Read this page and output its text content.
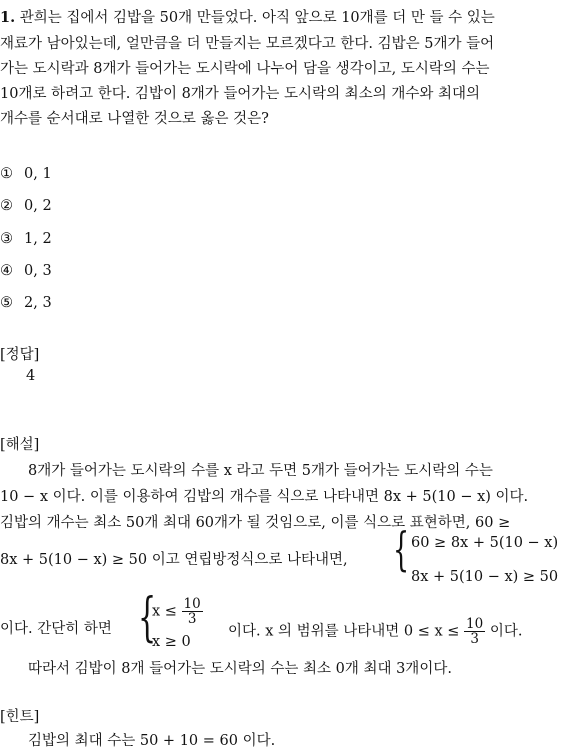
1. 관희는 집에서 김밥을 50개 만들었다. 아직 앞으로 10개를 더 만 들 수 있는
재료가 남아있는데, 얼만큼을 더 만들지는 모르겠다고 한다. 김밥은 5개가 들어
가는 도시락과 8개가 들어가는 도시락에 나누어 담을 생각이고, 도시락의 수는
10개로 하려고 한다. 김밥이 8개가 들어가는 도시락의 최소의 개수와 최대의
개수를 순서대로 나열한 것으로 옳은 것은?
① 0, 1
② 0, 2
③ 1, 2
④ 0, 3
⑤ 2, 3
[정답]
4
[해설]
8개가 들어가는 도시락의 수를 x 라고 두면 5개가 들어가는 도시락의 수는
10 − x 이다. 이를 이용하여 김밥의 개수를 식으로 나타내면 8x + 5(10 − x) 이다.
김밥의 개수는 최소 50개 최대 60개가 될 것임으로, 이를 식으로 표현하면, 60 ≥
8x + 5(10 − x) ≥ 50 이고 연립방정식으로 나타내면, { 60 ≥ 8x + 5(10 − x)
8x + 5(10 − x) ≥ 50
이다. 간단히 하면 {
$x \le \frac{10}{3}$
x ≥ 0
이다. x 의 범위를 나타내면 $0 \le x \le \frac{10}{3}$ 이다.
따라서 김밥이 8개 들어가는 도시락의 수는 최소 0개 최대 3개이다.
[힌트]
김밥의 최대 수는 50 + 10 = 60 이다.
